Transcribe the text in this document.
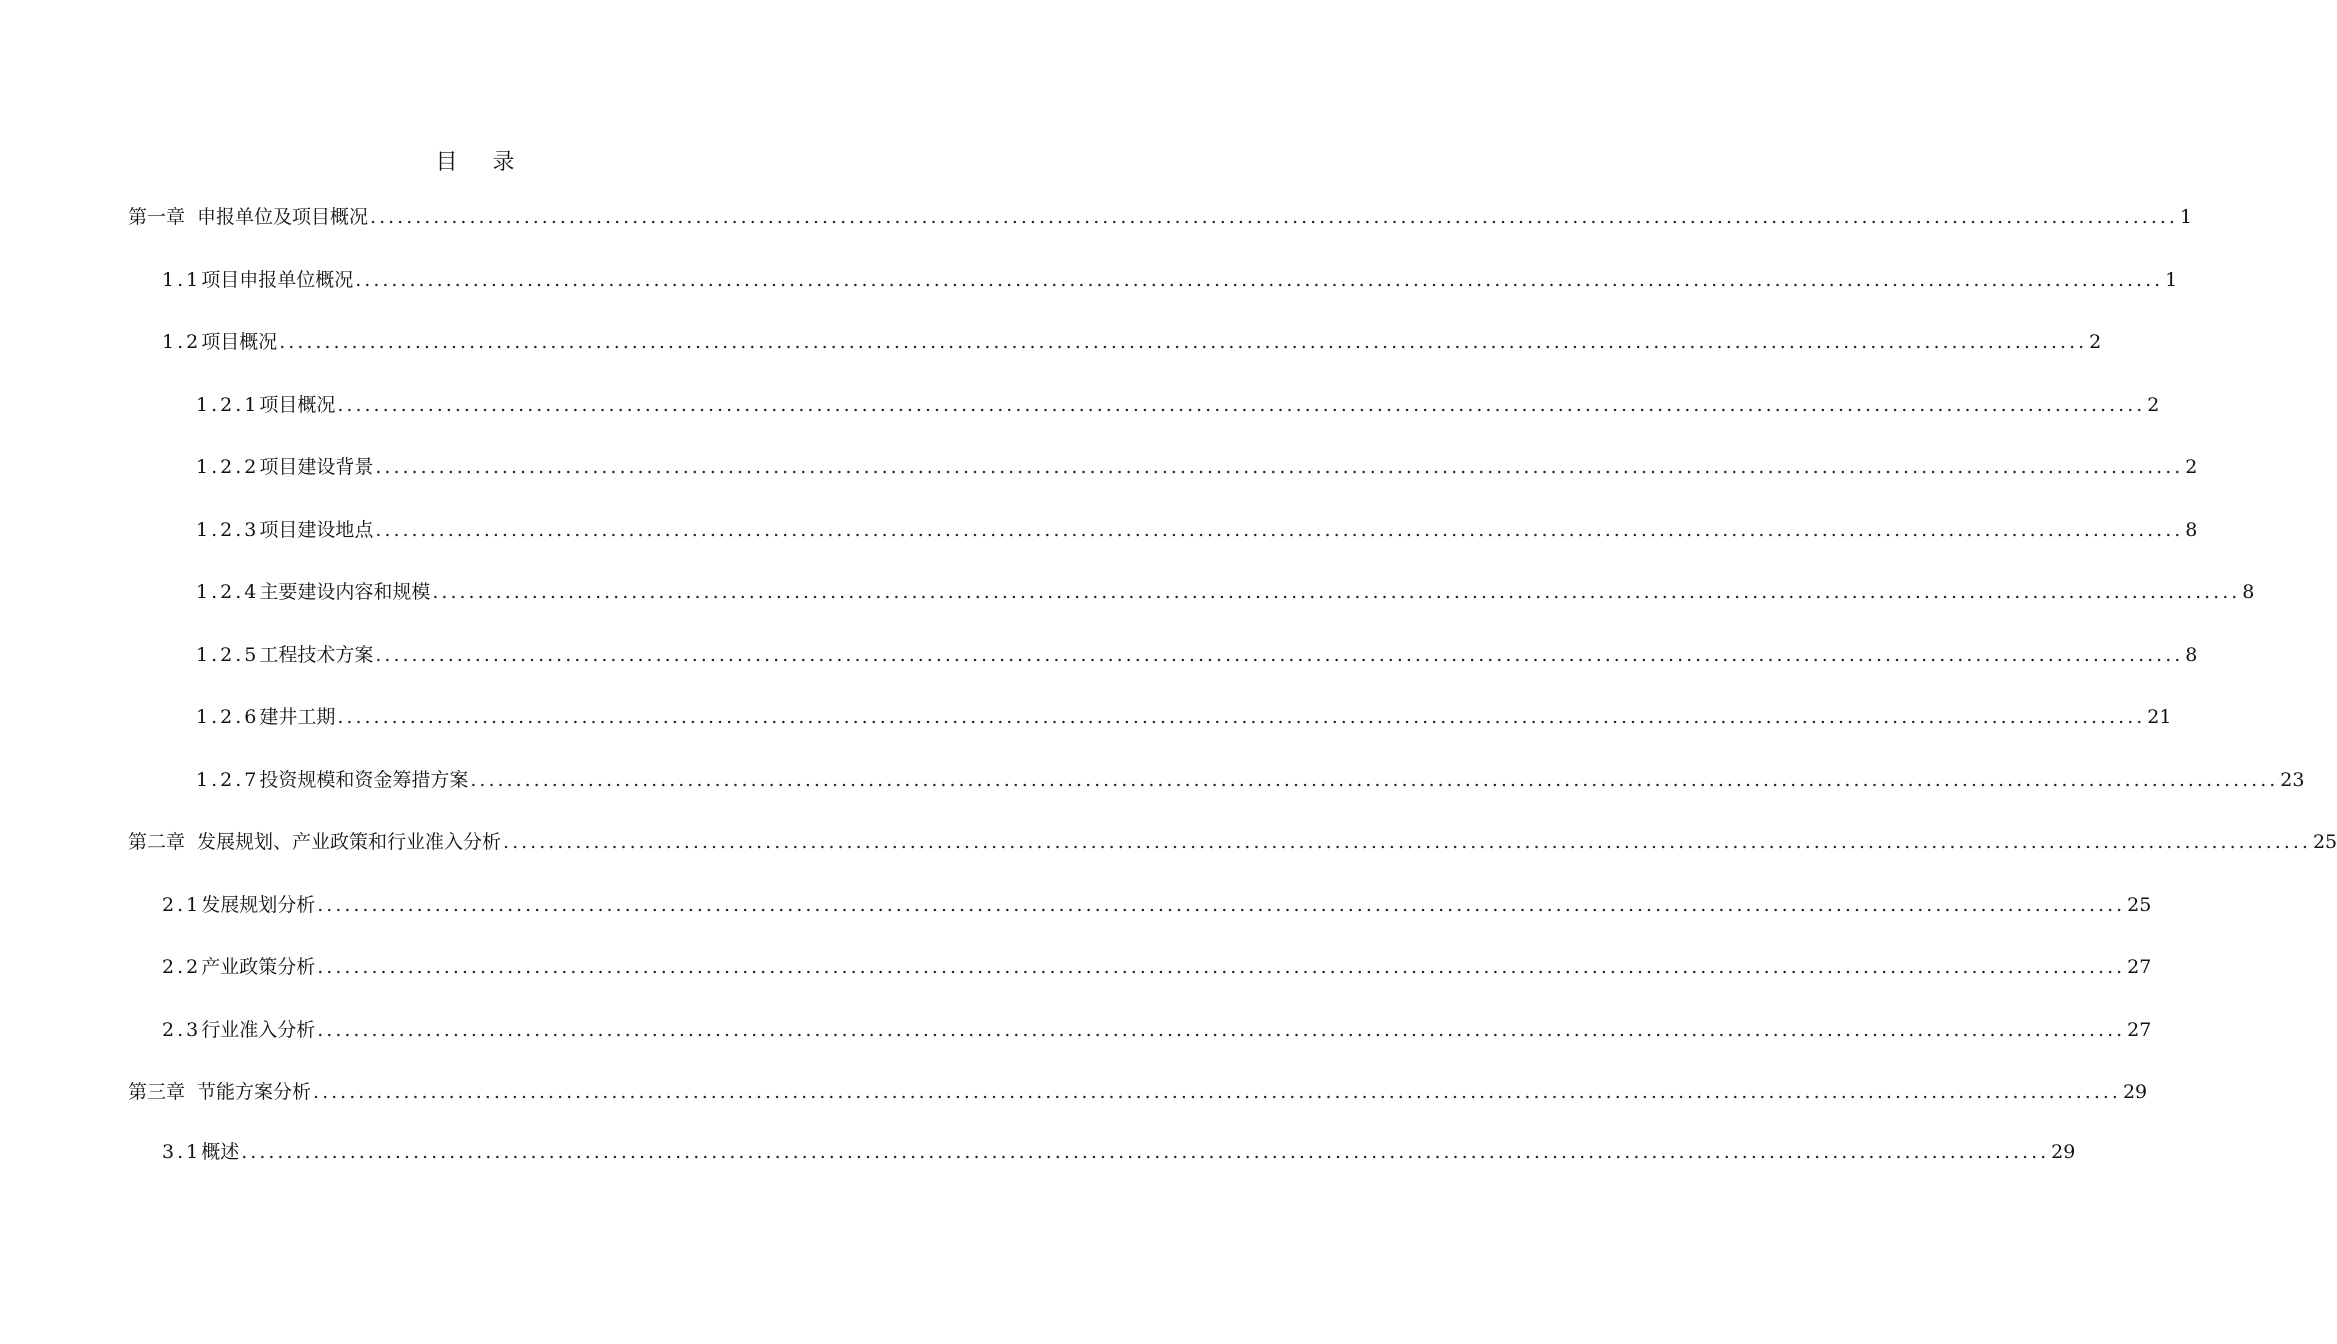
目 录
第一章 申报单位及项目概况 ........................................................................................................................................................................................................ 1
1.1项目申报单位概况 ........................................................................................................................................................................................................ 1
1.2项目概况 ........................................................................................................................................................................................................ 2
1.2.1项目概况 ........................................................................................................................................................................................................ 2
1.2.2项目建设背景 ........................................................................................................................................................................................................ 2
1.2.3项目建设地点 ........................................................................................................................................................................................................ 8
1.2.4主要建设内容和规模 ........................................................................................................................................................................................................ 8
1.2.5工程技术方案 ........................................................................................................................................................................................................ 8
1.2.6建井工期 ........................................................................................................................................................................................................ 21
1.2.7投资规模和资金筹措方案 ........................................................................................................................................................................................................ 23
第二章 发展规划、产业政策和行业准入分析 ........................................................................................................................................................................................................ 25
2.1发展规划分析 ........................................................................................................................................................................................................ 25
2.2产业政策分析 ........................................................................................................................................................................................................ 27
2.3行业准入分析 ........................................................................................................................................................................................................ 27
第三章 节能方案分析 ........................................................................................................................................................................................................ 29
3.1概述 ........................................................................................................................................................................................................ 29
